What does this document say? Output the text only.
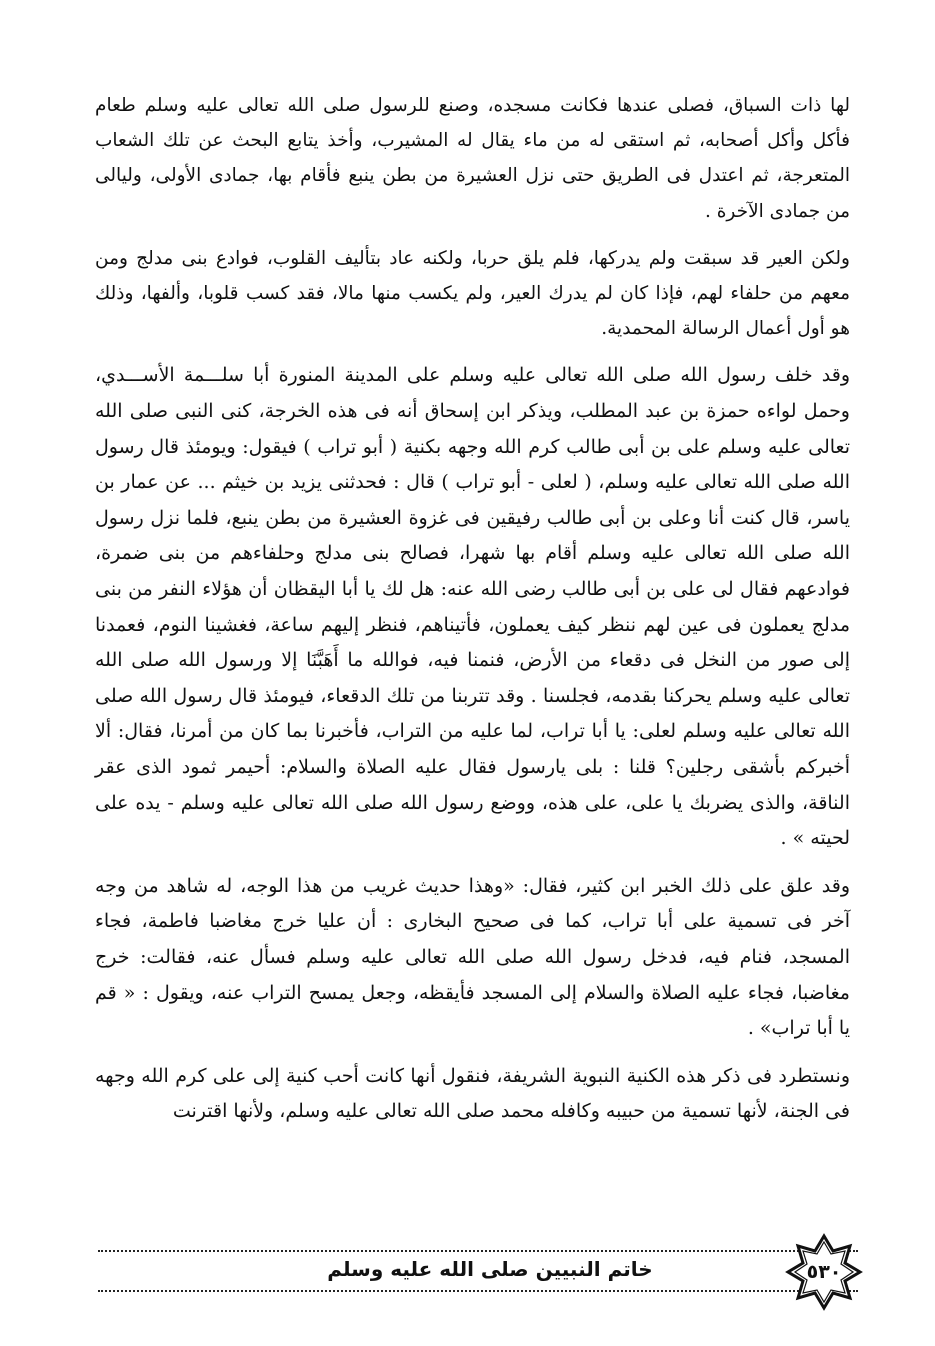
لها ذات السباق، فصلى عندها فكانت مسجده، وصنع للرسول صلى الله تعالى عليه وسلم طعام فأكل وأكل أصحابه، ثم استقى له من ماء يقال له المشيرب، وأخذ يتابع البحث عن تلك الشعاب المتعرجة، ثم اعتدل فى الطريق حتى نزل العشيرة من بطن ينبع فأقام بها، جمادى الأولى، وليالى من جمادى الآخرة .

ولكن العير قد سبقت ولم يدركها، فلم يلق حربا، ولكنه عاد بتأليف القلوب، فوادع بنى مدلج ومن معهم من حلفاء لهم، فإذا كان لم يدرك العير، ولم يكسب منها مالا، فقد كسب قلوبا، وألفها، وذلك هو أول أعمال الرسالة المحمدية.

وقد خلف رسول الله صلى الله تعالى عليه وسلم على المدينة المنورة أبا سلـــمة الأســـدي، وحمل لواءه حمزة بن عبد المطلب، ويذكر ابن إسحاق أنه فى هذه الخرجة، كنى النبى صلى الله تعالى عليه وسلم على بن أبى طالب كرم الله وجهه بكنية ( أبو تراب ) فيقول: ويومئذ قال رسول الله صلى الله تعالى عليه وسلم، ( لعلى - أبو تراب ) قال : فحدثنى يزيد بن خيثم ... عن عمار بن ياسر، قال كنت أنا وعلى بن أبى طالب رفيقين فى غزوة العشيرة من بطن ينبع، فلما نزل رسول الله صلى الله تعالى عليه وسلم أقام بها شهرا، فصالح بنى مدلج وحلفاءهم من بنى ضمرة، فوادعهم فقال لى على بن أبى طالب رضى الله عنه: هل لك يا أبا اليقظان أن هؤلاء النفر من بنى مدلج يعملون فى عين لهم ننظر كيف يعملون، فأتيناهم، فنظر إليهم ساعة، فغشينا النوم، فعمدنا إلى صور من النخل فى دقعاء من الأرض، فنمنا فيه، فوالله ما أَهَبَّنَا إلا ورسول الله صلى الله تعالى عليه وسلم يحركنا بقدمه، فجلسنا . وقد تتربنا من تلك الدقعاء، فيومئذ قال رسول الله صلى الله تعالى عليه وسلم لعلى: يا أبا تراب، لما عليه من التراب، فأخبرنا بما كان من أمرنا، فقال: ألا أخبركم بأشقى رجلين؟ قلنا : بلى يارسول فقال عليه الصلاة والسلام: أحيمر ثمود الذى عقر الناقة، والذى يضربك يا على، على هذه، ووضع رسول الله صلى الله تعالى عليه وسلم - يده على لحيته » .

وقد علق على ذلك الخبر ابن كثير، فقال: «وهذا حديث غريب من هذا الوجه، له شاهد من وجه آخر فى تسمية على أبا تراب، كما فى صحيح البخارى : أن عليا خرج مغاضبا فاطمة، فجاء المسجد، فنام فيه، فدخل رسول الله صلى الله تعالى عليه وسلم فسأل عنه، فقالت: خرج مغاضبا، فجاء عليه الصلاة والسلام إلى المسجد فأيقظه، وجعل يمسح التراب عنه، ويقول : « قم يا أبا تراب» .

ونستطرد فى ذكر هذه الكنية النبوية الشريفة، فنقول أنها كانت أحب كنية إلى على كرم الله وجهه فى الجنة، لأنها تسمية من حبيبه وكافله محمد صلى الله تعالى عليه وسلم، ولأنها اقترنت

خاتم النبيين صلى الله عليه وسلم	٥٣٠
